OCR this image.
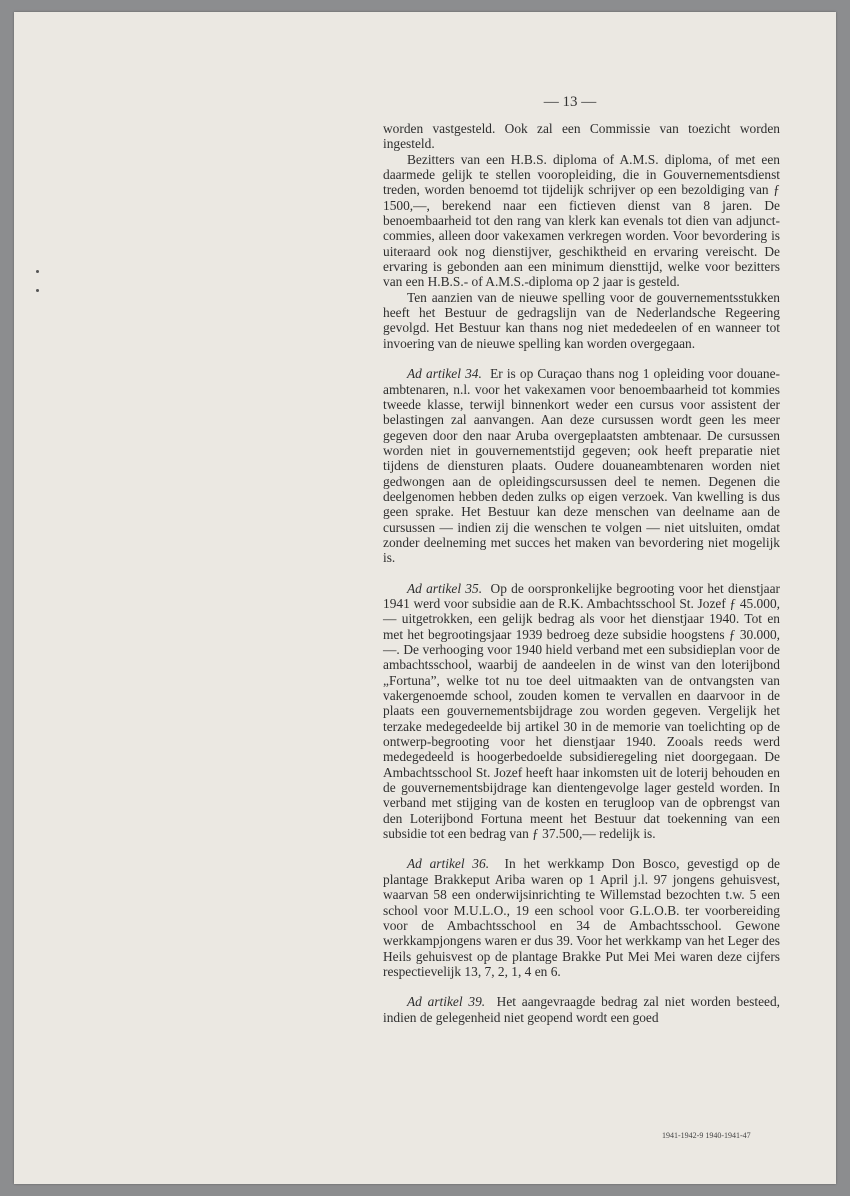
— 13 —

worden vastgesteld. Ook zal een Commissie van toezicht worden ingesteld.

Bezitters van een H.B.S. diploma of A.M.S. diploma, of met een daarmede gelijk te stellen vooropleiding, die in Gouvernementsdienst treden, worden benoemd tot tijdelijk schrijver op een bezoldiging van ƒ 1500,—, berekend naar een fictieven dienst van 8 jaren. De benoembaarheid tot den rang van klerk kan evenals tot dien van adjunct-commies, alleen door vakexamen verkregen worden. Voor bevordering is uiteraard ook nog dienstijver, geschiktheid en ervaring vereischt. De ervaring is gebonden aan een minimum diensttijd, welke voor bezitters van een H.B.S.- of A.M.S.-diploma op 2 jaar is gesteld.

Ten aanzien van de nieuwe spelling voor de gouvernementsstukken heeft het Bestuur de gedragslijn van de Nederlandsche Regeering gevolgd. Het Bestuur kan thans nog niet mededeelen of en wanneer tot invoering van de nieuwe spelling kan worden overgegaan.

Ad artikel 34. Er is op Curaçao thans nog 1 opleiding voor douane-ambtenaren, n.l. voor het vakexamen voor benoembaarheid tot kommies tweede klasse, terwijl binnenkort weder een cursus voor assistent der belastingen zal aanvangen. Aan deze cursussen wordt geen les meer gegeven door den naar Aruba overgeplaatsten ambtenaar. De cursussen worden niet in gouvernementstijd gegeven; ook heeft preparatie niet tijdens de diensturen plaats. Oudere douaneambtenaren worden niet gedwongen aan de opleidingscursussen deel te nemen. Degenen die deelgenomen hebben deden zulks op eigen verzoek. Van kwelling is dus geen sprake. Het Bestuur kan deze menschen van deelname aan de cursussen — indien zij die wenschen te volgen — niet uitsluiten, omdat zonder deelneming met succes het maken van bevordering niet mogelijk is.

Ad artikel 35. Op de oorspronkelijke begrooting voor het dienstjaar 1941 werd voor subsidie aan de R.K. Ambachtsschool St. Jozef ƒ 45.000,— uitgetrokken, een gelijk bedrag als voor het dienstjaar 1940. Tot en met het begrootingsjaar 1939 bedroeg deze subsidie hoogstens ƒ 30.000,—. De verhooging voor 1940 hield verband met een subsidieplan voor de ambachtsschool, waarbij de aandeelen in de winst van den loterijbond „Fortuna”, welke tot nu toe deel uitmaakten van de ontvangsten van vakergenoemde school, zouden komen te vervallen en daarvoor in de plaats een gouvernementsbijdrage zou worden gegeven. Vergelijk het terzake medegedeelde bij artikel 30 in de memorie van toelichting op de ontwerp-begrooting voor het dienstjaar 1940. Zooals reeds werd medegedeeld is hoogerbedoelde subsidieregeling niet doorgegaan. De Ambachtsschool St. Jozef heeft haar inkomsten uit de loterij behouden en de gouvernementsbijdrage kan dientengevolge lager gesteld worden. In verband met stijging van de kosten en terugloop van de opbrengst van den Loterijbond Fortuna meent het Bestuur dat toekenning van een subsidie tot een bedrag van ƒ 37.500,— redelijk is.

Ad artikel 36. In het werkkamp Don Bosco, gevestigd op de plantage Brakkeput Ariba waren op 1 April j.l. 97 jongens gehuisvest, waarvan 58 een onderwijsinrichting te Willemstad bezochten t.w. 5 een school voor M.U.L.O., 19 een school voor G.L.O.B. ter voorbereiding voor de Ambachtsschool en 34 de Ambachtsschool. Gewone werkkampjongens waren er dus 39. Voor het werkkamp van het Leger des Heils gehuisvest op de plantage Brakke Put Mei Mei waren deze cijfers respectievelijk 13, 7, 2, 1, 4 en 6.

Ad artikel 39. Het aangevraagde bedrag zal niet worden besteed, indien de gelegenheid niet geopend wordt een goed

1941-1942-9 1940-1941-47
